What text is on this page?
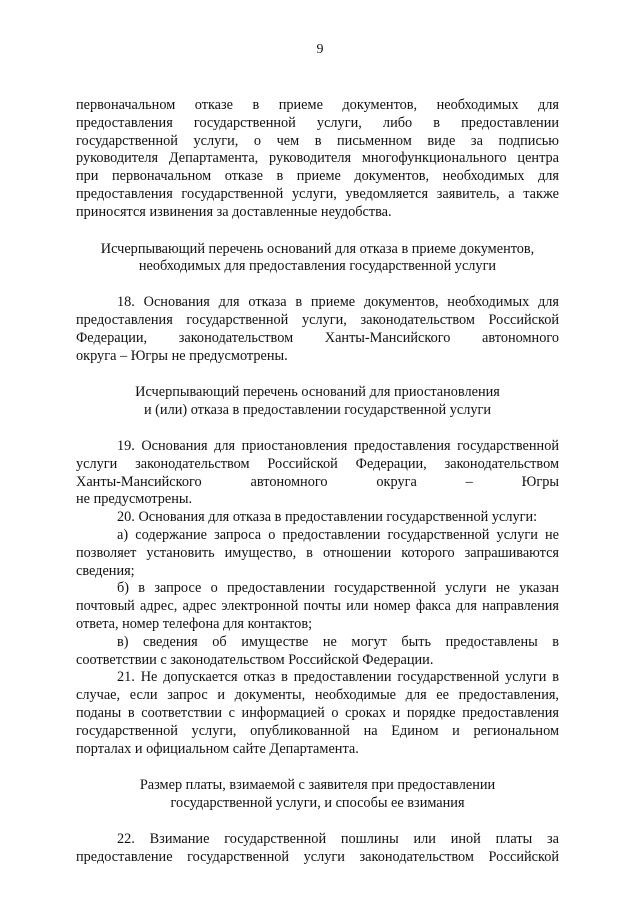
9

первоначальном отказе в приеме документов, необходимых для
предоставления государственной услуги, либо в предоставлении
государственной услуги, о чем в письменном виде за подписью
руководителя Департамента, руководителя многофункционального центра
при первоначальном отказе в приеме документов, необходимых для
предоставления государственной услуги, уведомляется заявитель, а также
приносятся извинения за доставленные неудобства.

Исчерпывающий перечень оснований для отказа в приеме документов,
необходимых для предоставления государственной услуги

18. Основания для отказа в приеме документов, необходимых для
предоставления государственной услуги, законодательством Российской
Федерации, законодательством Ханты-Мансийского автономного
округа – Югры не предусмотрены.

Исчерпывающий перечень оснований для приостановления
и (или) отказа в предоставлении государственной услуги

19. Основания для приостановления предоставления государственной
услуги законодательством Российской Федерации, законодательством
Ханты-Мансийского автономного округа – Югры
не предусмотрены.

20. Основания для отказа в предоставлении государственной услуги:

а) содержание запроса о предоставлении государственной услуги не
позволяет установить имущество, в отношении которого запрашиваются
сведения;

б) в запросе о предоставлении государственной услуги не указан
почтовый адрес, адрес электронной почты или номер факса для направления
ответа, номер телефона для контактов;

в) сведения об имуществе не могут быть предоставлены в
соответствии с законодательством Российской Федерации.

21. Не допускается отказ в предоставлении государственной услуги в
случае, если запрос и документы, необходимые для ее предоставления,
поданы в соответствии с информацией о сроках и порядке предоставления
государственной услуги, опубликованной на Едином и региональном
порталах и официальном сайте Департамента.

Размер платы, взимаемой с заявителя при предоставлении
государственной услуги, и способы ее взимания

22. Взимание государственной пошлины или иной платы за
предоставление государственной услуги законодательством Российской
